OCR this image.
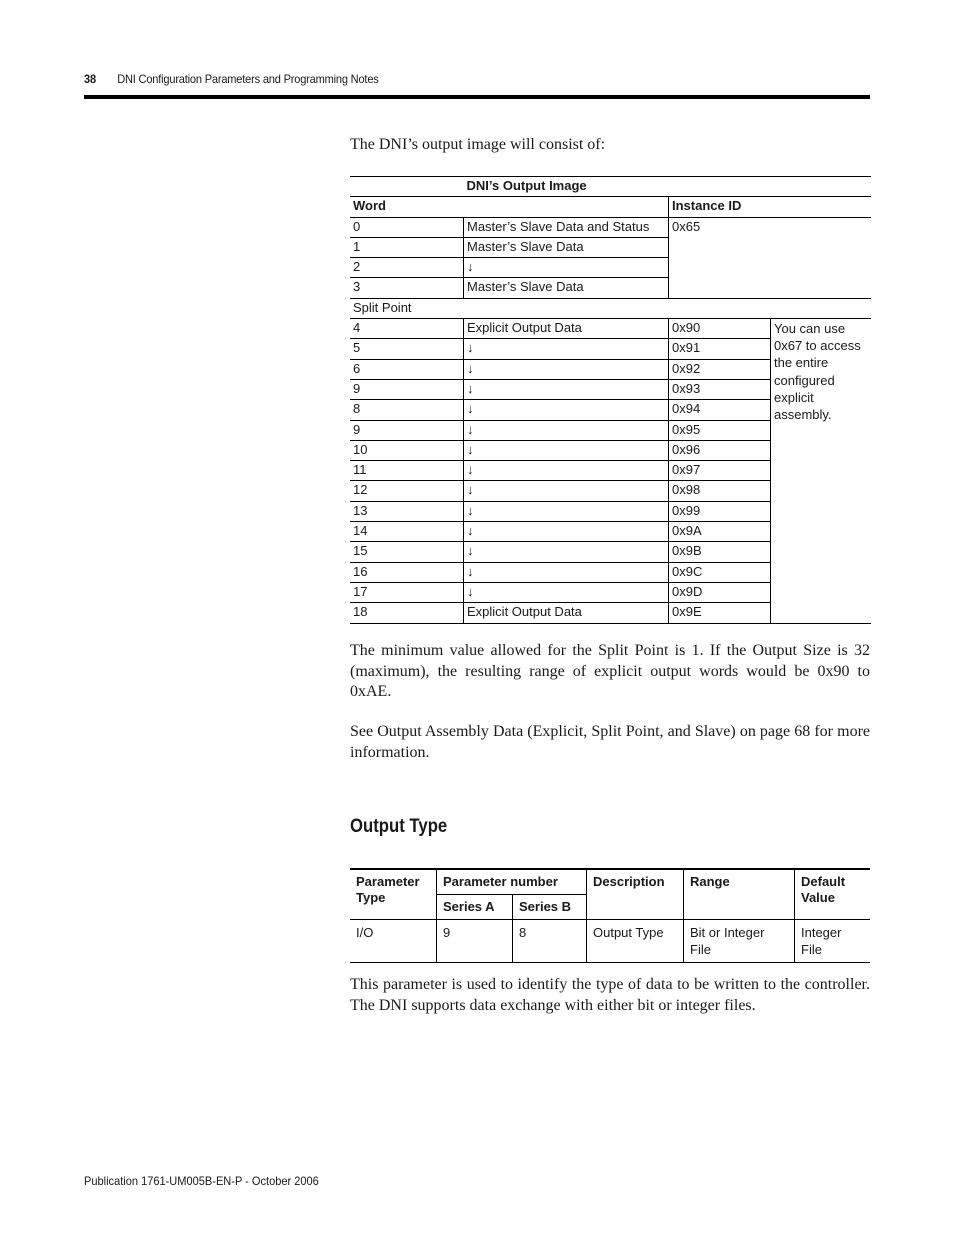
38 DNI Configuration Parameters and Programming Notes
The DNI’s output image will consist of:
	DNI’s Output Image		
Word		Instance ID	
0	Master’s Slave Data and Status	0x65	
1	Master’s Slave Data		
2	↓		
3	Master’s Slave Data		
Split Point			
4	Explicit Output Data	0x90	You can use 0x67 to access the entire configured explicit assembly.
5	↓	0x91	
6	↓	0x92	
9	↓	0x93	
8	↓	0x94	
9	↓	0x95	
10	↓	0x96	
11	↓	0x97	
12	↓	0x98	
13	↓	0x99	
14	↓	0x9A	
15	↓	0x9B	
16	↓	0x9C	
17	↓	0x9D	
18	Explicit Output Data	0x9E	
The minimum value allowed for the Split Point is 1. If the Output Size is 32 (maximum), the resulting range of explicit output words would be 0x90 to 0xAE.
See Output Assembly Data (Explicit, Split Point, and Slave) on page 68 for more information.
Output Type
Parameter Type	Parameter number		Description	Range	Default Value
	Series A	Series B			
I/O	9	8	Output Type	Bit or Integer File	Integer File
This parameter is used to identify the type of data to be written to the controller. The DNI supports data exchange with either bit or integer files.
Publication 1761-UM005B-EN-P - October 2006
